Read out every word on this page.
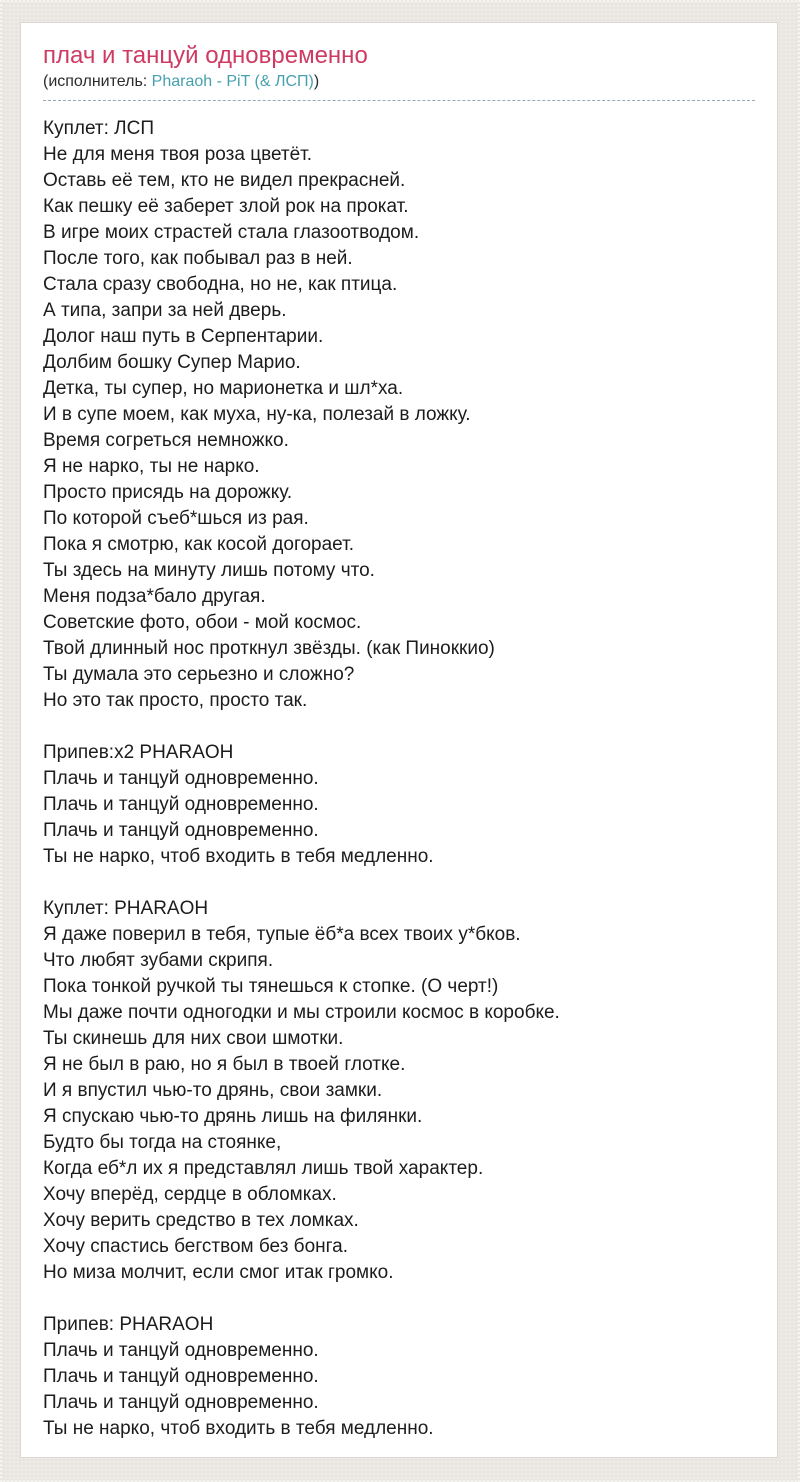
плач и танцуй одновременно
(исполнитель: Pharaoh - PiT (& ЛСП))
Куплет: ЛСП
Не для меня твоя роза цветёт.
Оставь её тем, кто не видел прекрасней.
Как пешку её заберет злой рок на прокат.
В игре моих страстей стала глазоотводом.
После того, как побывал раз в ней.
Стала сразу свободна, но не, как птица.
А типа, запри за ней дверь.
Долог наш путь в Серпентарии.
Долбим бошку Супер Марио.
Детка, ты супер, но марионетка и шл*ха.
И в супе моем, как муха, ну-ка, полезай в ложку.
Время согреться немножко.
Я не нарко, ты не нарко.
Просто присядь на дорожку.
По которой съеб*шься из рая.
Пока я смотрю, как косой догорает.
Ты здесь на минуту лишь потому что.
Меня подза*бало другая.
Советские фото, обои - мой космос.
Твой длинный нос проткнул звёзды. (как Пиноккио)
Ты думала это серьезно и сложно?
Но это так просто, просто так.
Припев:x2 PHARAOH
Плачь и танцуй одновременно.
Плачь и танцуй одновременно.
Плачь и танцуй одновременно.
Ты не нарко, чтоб входить в тебя медленно.
Куплет: PHARAOH
Я даже поверил в тебя, тупые ёб*а всех твоих у*бков.
Что любят зубами скрипя.
Пока тонкой ручкой ты тянешься к стопке. (О черт!)
Мы даже почти одногодки и мы строили космос в коробке.
Ты скинешь для них свои шмотки.
Я не был в раю, но я был в твоей глотке.
И я впустил чью-то дрянь, свои замки.
Я спускаю чью-то дрянь лишь на филянки.
Будто бы тогда на стоянке,
Когда еб*л их я представлял лишь твой характер.
Хочу вперёд, сердце в обломках.
Хочу верить средство в тех ломках.
Хочу спастись бегством без бонга.
Но миза молчит, если смог итак громко.
Припев: PHARAOH
Плачь и танцуй одновременно.
Плачь и танцуй одновременно.
Плачь и танцуй одновременно.
Ты не нарко, чтоб входить в тебя медленно.
